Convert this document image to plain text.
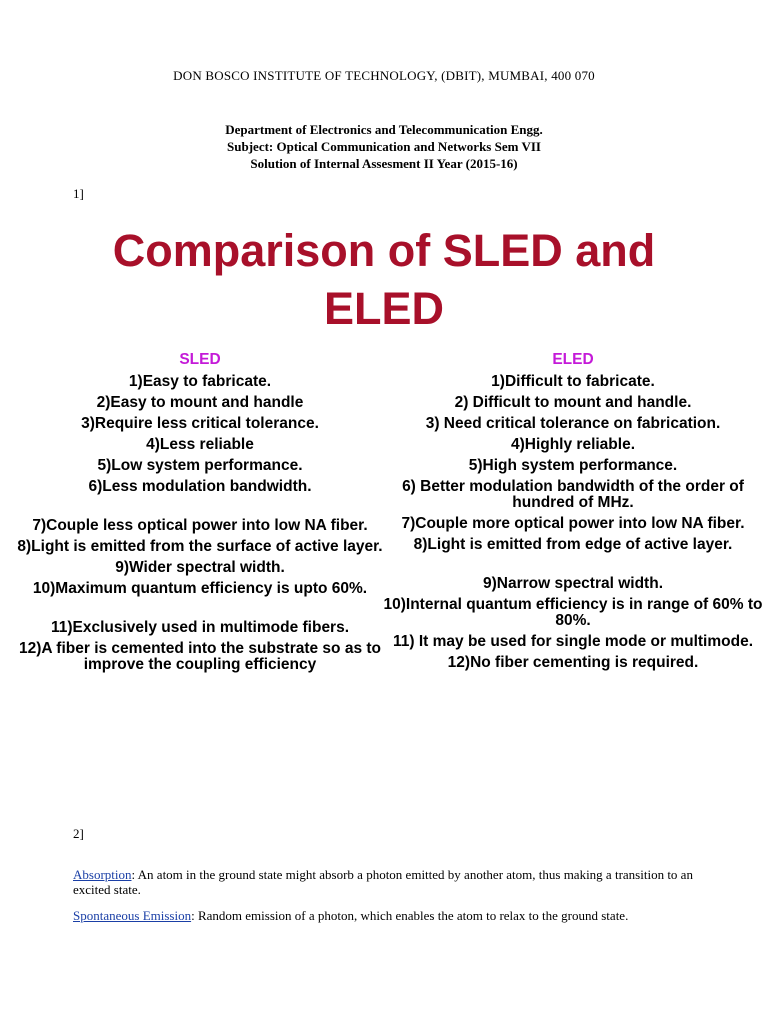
DON BOSCO INSTITUTE OF TECHNOLOGY, (DBIT), MUMBAI, 400 070
Department of Electronics and Telecommunication Engg.
Subject: Optical Communication and Networks Sem VII
Solution of Internal Assesment II Year (2015-16)
1]
Comparison of SLED and
ELED
SLED
1)Easy to fabricate.
2)Easy to mount and handle
3)Require less critical tolerance.
4)Less reliable
5)Low system performance.
6)Less modulation bandwidth.
7)Couple less optical power into low NA fiber.
8)Light is emitted from the surface of active layer.
9)Wider spectral width.
10)Maximum quantum efficiency is upto 60%.
11)Exclusively used in multimode fibers.
12)A fiber is cemented into the substrate so as to improve the coupling efficiency
ELED
1)Difficult to fabricate.
2) Difficult to mount and handle.
3) Need critical tolerance on fabrication.
4)Highly reliable.
5)High system performance.
6) Better modulation bandwidth of the order of hundred of MHz.
7)Couple more optical power into low NA fiber.
8)Light is emitted from edge of active layer.
9)Narrow spectral width.
10)Internal quantum efficiency is in range of 60% to 80%.
11) It may be used for single mode or multimode.
12)No fiber cementing is required.
2]
Absorption: An atom in the ground state might absorb a photon emitted by another atom, thus making a transition to an excited state.
Spontaneous Emission: Random emission of a photon, which enables the atom to relax to the ground state.
